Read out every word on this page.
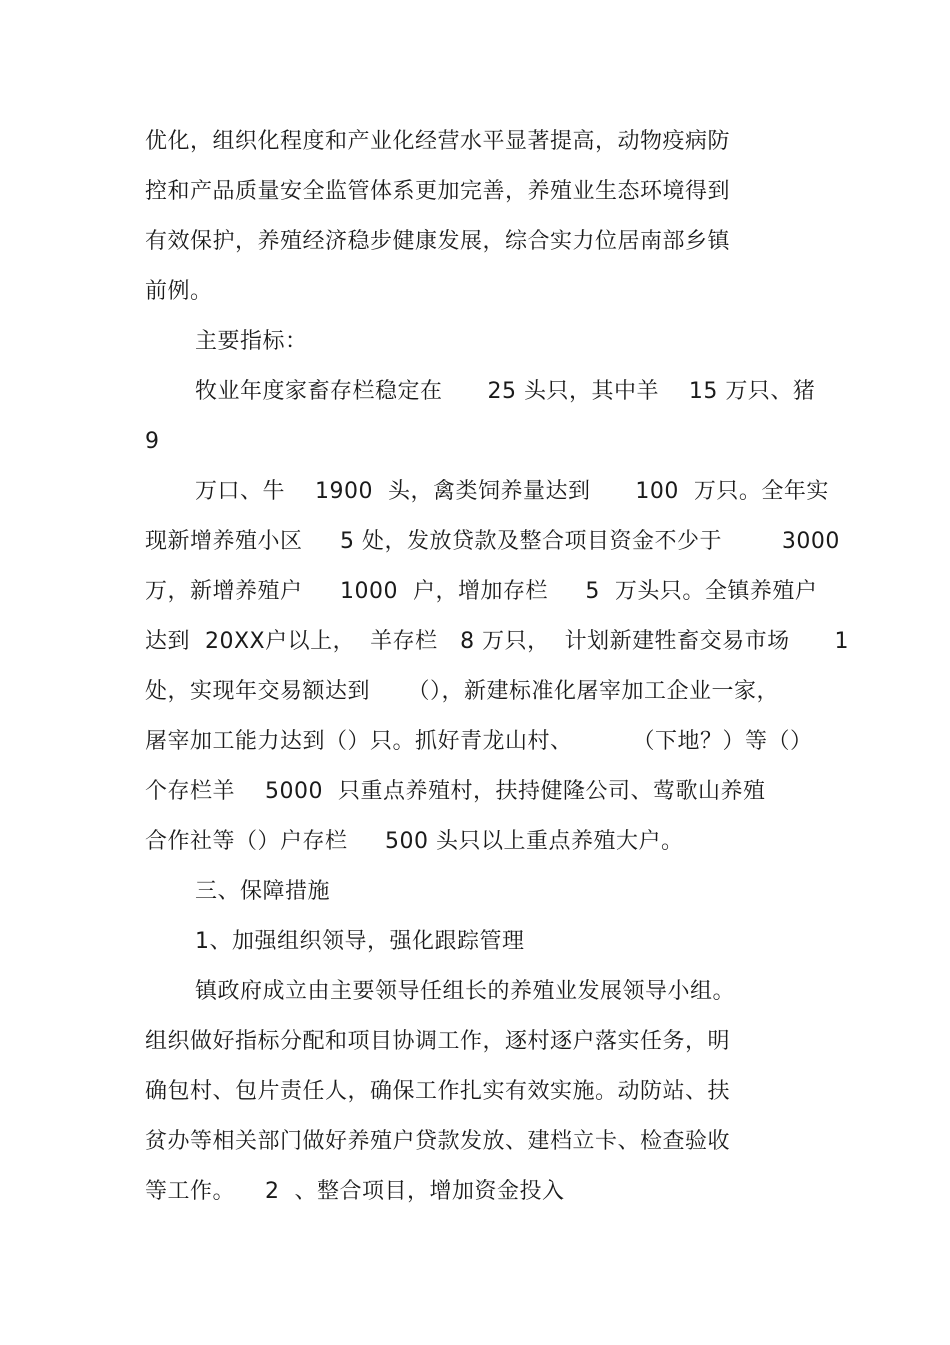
优化，组织化程度和产业化经营水平显著提高，动物疫病防
控和产品质量安全监管体系更加完善，养殖业生态环境得到
有效保护，养殖经济稳步健康发展，综合实力位居南部乡镇
前例。
主要指标：
牧业年度家畜存栏稳定在      25 头只，其中羊    15 万只、猪
9
万口、牛    1900  头，禽类饲养量达到      100  万只。全年实
现新增养殖小区     5 处，发放贷款及整合项目资金不少于        3000
万，新增养殖户     1000  户，增加存栏     5  万头只。全镇养殖户
达到  20XX户以上，  羊存栏   8 万只，  计划新建牲畜交易市场      1
处，实现年交易额达到     （），新建标准化屠宰加工企业一家，
屠宰加工能力达到（）只。抓好青龙山村、        （下地？）等（）
个存栏羊    5000  只重点养殖村，扶持健隆公司、莺歌山养殖
合作社等（）户存栏     500 头只以上重点养殖大户。
三、保障措施
1、加强组织领导，强化跟踪管理
镇政府成立由主要领导任组长的养殖业发展领导小组。
组织做好指标分配和项目协调工作，逐村逐户落实任务，明
确包村、包片责任人，确保工作扎实有效实施。动防站、扶
贫办等相关部门做好养殖户贷款发放、建档立卡、检查验收
等工作。    2  、整合项目，增加资金投入
